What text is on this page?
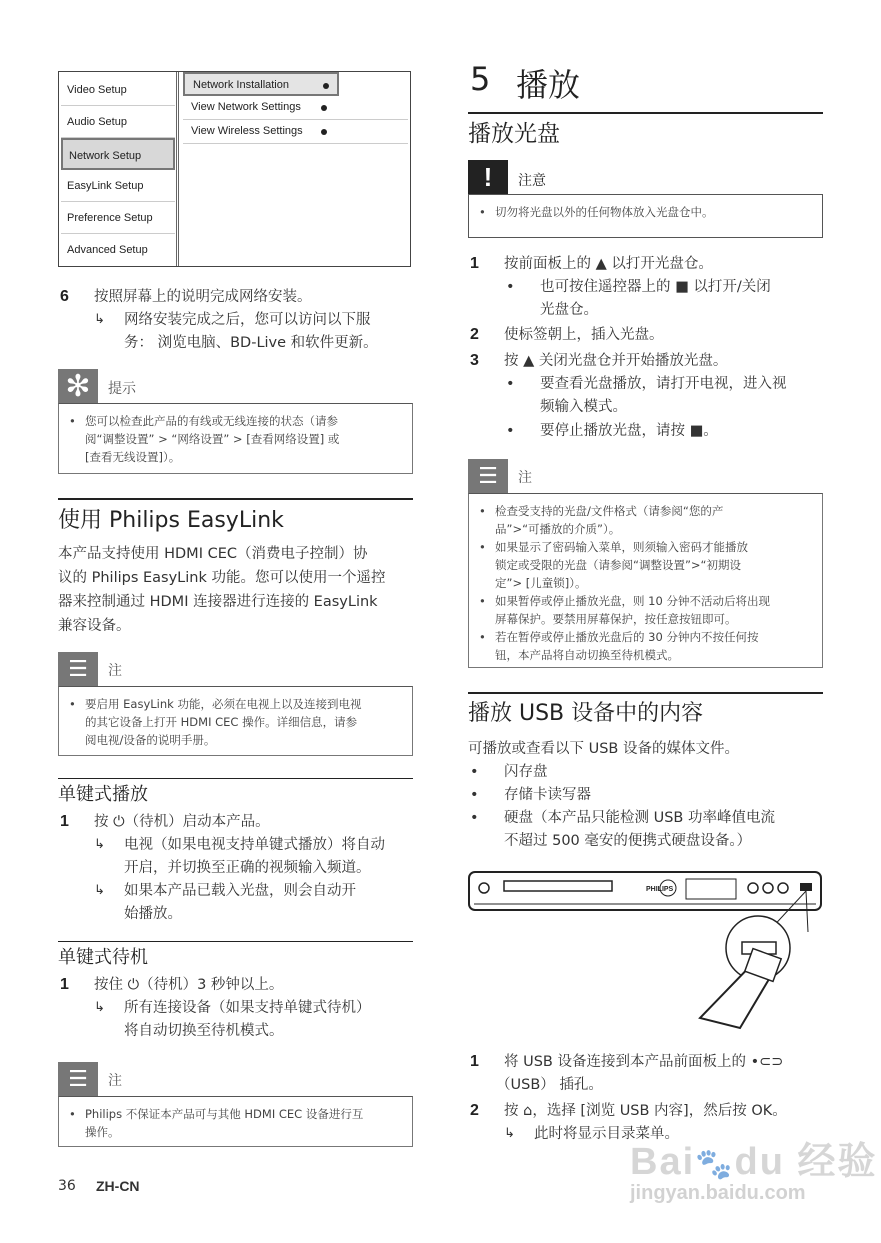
Video Setup
Audio Setup
Network Setup
EasyLink Setup
Preference Setup
Advanced Setup
Network Installation
View Network Settings
View Wireless Settings
6 按照屏幕上的说明完成网络安装。
↳ 网络安装完成之后，您可以访问以下服
务： 浏览电脑、BD-Live 和软件更新。
✻	提示
• 您可以检查此产品的有线或无线连接的状态（请参
阅“调整设置” > “网络设置” > [查看网络设置] 或
[查看无线设置]）。
使用 Philips EasyLink
本产品支持使用 HDMI CEC（消费电子控制）协
议的 Philips EasyLink 功能。您可以使用一个遥控
器来控制通过 HDMI 连接器进行连接的 EasyLink
兼容设备。
☰	注
• 要启用 EasyLink 功能，必须在电视上以及连接到电视
的其它设备上打开 HDMI CEC 操作。详细信息，请参
阅电视/设备的说明手册。
单键式播放
1 按 ⏻（待机）启动本产品。
↳ 电视（如果电视支持单键式播放）将自动
开启，并切换至正确的视频输入频道。
↳ 如果本产品已载入光盘，则会自动开
始播放。
单键式待机
1 按住 ⏻（待机）3 秒钟以上。
↳ 所有连接设备（如果支持单键式待机）
将自动切换至待机模式。
☰	注
• Philips 不保证本产品可与其他 HDMI CEC 设备进行互
操作。
36 ZH-CN
5 播放
播放光盘
!	注意
• 切勿将光盘以外的任何物体放入光盘仓中。
1 按前面板上的 ▲ 以打开光盘仓。
• 也可按住遥控器上的 ■ 以打开/关闭
光盘仓。
2 使标签朝上，插入光盘。
3 按 ▲ 关闭光盘仓并开始播放光盘。
• 要查看光盘播放，请打开电视，进入视
频输入模式。
• 要停止播放光盘，请按 ■。
☰	注
• 检查受支持的光盘/文件格式（请参阅“您的产
品”>“可播放的介质”）。
• 如果显示了密码输入菜单，则须输入密码才能播放
锁定或受限的光盘（请参阅“调整设置”>“初期设
定”> [儿童锁]）。
• 如果暂停或停止播放光盘，则 10 分钟不活动后将出现
屏幕保护。要禁用屏幕保护，按任意按钮即可。
• 若在暂停或停止播放光盘后的 30 分钟内不按任何按
钮，本产品将自动切换至待机模式。
播放 USB 设备中的内容
可播放或查看以下 USB 设备的媒体文件。
• 闪存盘
• 存储卡读写器
• 硬盘（本产品只能检测 USB 功率峰值电流
不超过 500 毫安的便携式硬盘设备。）
PHILIPS
1 将 USB 设备连接到本产品前面板上的 •⊂⊃
（USB） 插孔。
2 按 ⌂，选择 [浏览 USB 内容]，然后按 OK。
↳ 此时将显示目录菜单。
Bai🐾du 经验
jingyan.baidu.com
